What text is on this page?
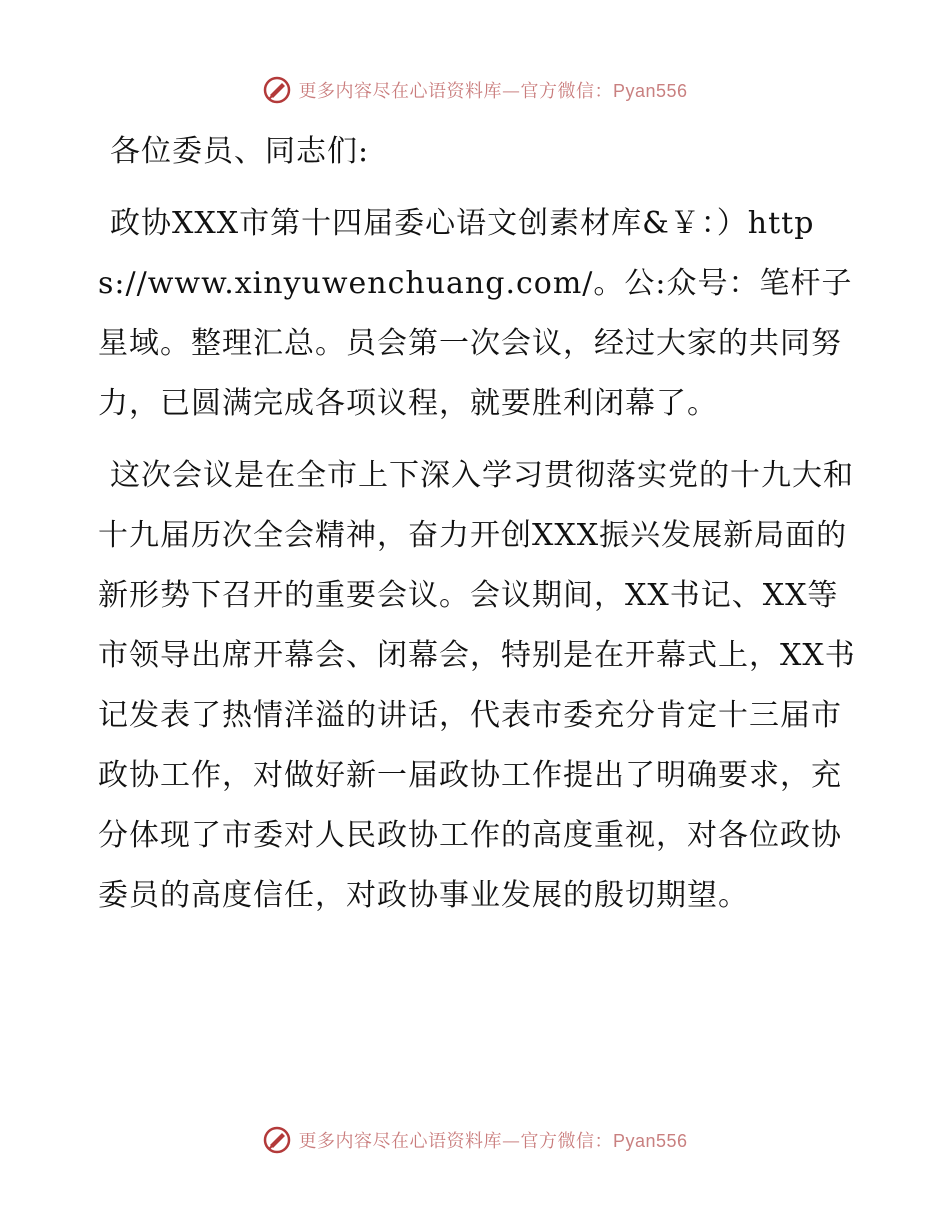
更多内容尽在心语资料库—官方微信：Pyan556

各位委员、同志们:

政协XXX市第十四届委心语文创素材库&￥：）https://www.xinyuwenchuang.com/。公:众号：笔杆子星域。整理汇总。员会第一次会议，经过大家的共同努力，已圆满完成各项议程，就要胜利闭幕了。

这次会议是在全市上下深入学习贯彻落实党的十九大和十九届历次全会精神，奋力开创XXX振兴发展新局面的新形势下召开的重要会议。会议期间，XX书记、XX等市领导出席开幕会、闭幕会，特别是在开幕式上，XX书记发表了热情洋溢的讲话，代表市委充分肯定十三届市政协工作，对做好新一届政协工作提出了明确要求，充分体现了市委对人民政协工作的高度重视，对各位政协委员的高度信任，对政协事业发展的殷切期望。

更多内容尽在心语资料库—官方微信：Pyan556
